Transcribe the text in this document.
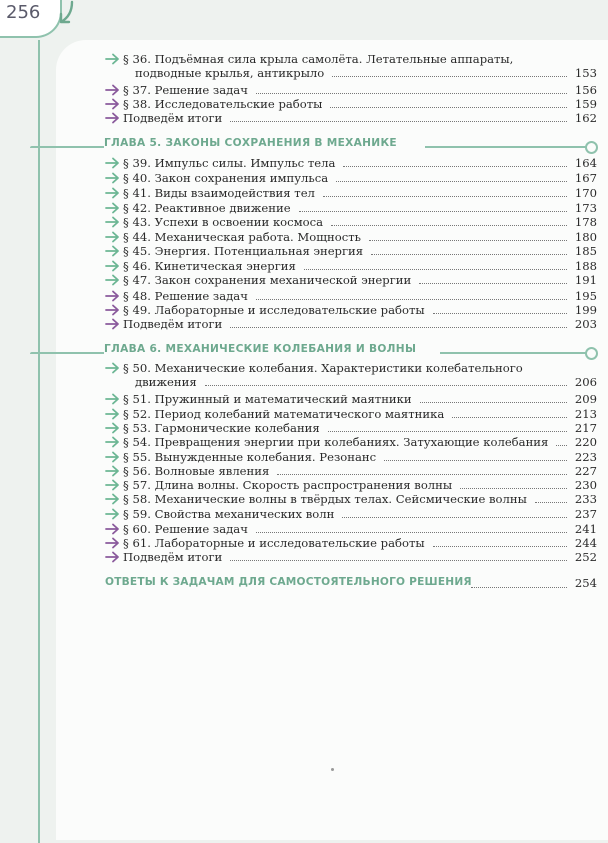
256
§ 36. Подъёмная сила крыла самолёта. Летательные аппараты,
подводные крылья, антикрыло	153
§ 37. Решение задач	156
§ 38. Исследовательские работы	159
Подведём итоги	162
§ 39. Импульс силы. Импульс тела	164
§ 40. Закон сохранения импульса	167
§ 41. Виды взаимодействия тел	170
§ 42. Реактивное движение	173
§ 43. Успехи в освоении космоса	178
§ 44. Механическая работа. Мощность	180
§ 45. Энергия. Потенциальная энергия	185
§ 46. Кинетическая энергия	188
§ 47. Закон сохранения механической энергии	191
§ 48. Решение задач	195
§ 49. Лабораторные и исследовательские работы	199
Подведём итоги	203
§ 50. Механические колебания. Характеристики колебательного
движения	206
§ 51. Пружинный и математический маятники	209
§ 52. Период колебаний математического маятника	213
§ 53. Гармонические колебания	217
§ 54. Превращения энергии при колебаниях. Затухающие колебания 220
§ 55. Вынужденные колебания. Резонанс	223
§ 56. Волновые явления	227
§ 57. Длина волны. Скорость распространения волны	230
§ 58. Механические волны в твёрдых телах. Сейсмические волны	233
§ 59. Свойства механических волн	237
§ 60. Решение задач	241
§ 61. Лабораторные и исследовательские работы	244
Подведём итоги	252
ГЛАВА 5. ЗАКОНЫ СОХРАНЕНИЯ В МЕХАНИКЕ
ГЛАВА 6. МЕХАНИЧЕСКИЕ КОЛЕБАНИЯ И ВОЛНЫ
ОТВЕТЫ К ЗАДАЧАМ ДЛЯ САМОСТОЯТЕЛЬНОГО РЕШЕНИЯ	254
